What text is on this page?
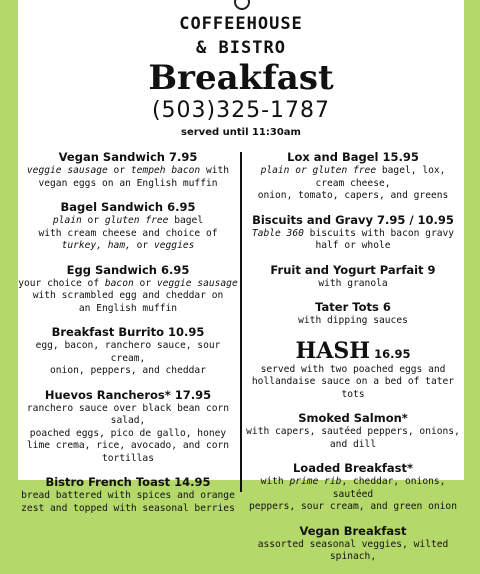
COFFEEHOUSE
& BISTRO
Breakfast
(503)325-1787
served until 11:30am
Vegan Sandwich 7.95
veggie sausage or tempeh bacon with
vegan eggs on an English muffin
Bagel Sandwich 6.95
plain or gluten free bagel
with cream cheese and choice of
turkey, ham, or veggies
Egg Sandwich 6.95
your choice of bacon or veggie sausage
with scrambled egg and cheddar on
an English muffin
Breakfast Burrito 10.95
egg, bacon, ranchero sauce, sour cream,
onion, peppers, and cheddar
Huevos Rancheros* 17.95
ranchero sauce over black bean corn salad,
poached eggs, pico de gallo, honey
lime crema, rice, avocado, and corn
tortillas
Bistro French Toast 14.95
bread battered with spices and orange
zest and topped with seasonal berries
Lox and Bagel 15.95
plain or gluten free bagel, lox, cream cheese,
onion, tomato, capers, and greens
Biscuits and Gravy 7.95 / 10.95
Table 360 biscuits with bacon gravy
half or whole
Fruit and Yogurt Parfait 9
with granola
Tater Tots 6
with dipping sauces
HASH 16.95
served with two poached eggs and
hollandaise sauce on a bed of tater tots
Smoked Salmon*
with capers, sautéed peppers, onions,
and dill
Loaded Breakfast*
with prime rib, cheddar, onions, sautéed
peppers, sour cream, and green onion
Vegan Breakfast
assorted seasonal veggies, wilted spinach,
